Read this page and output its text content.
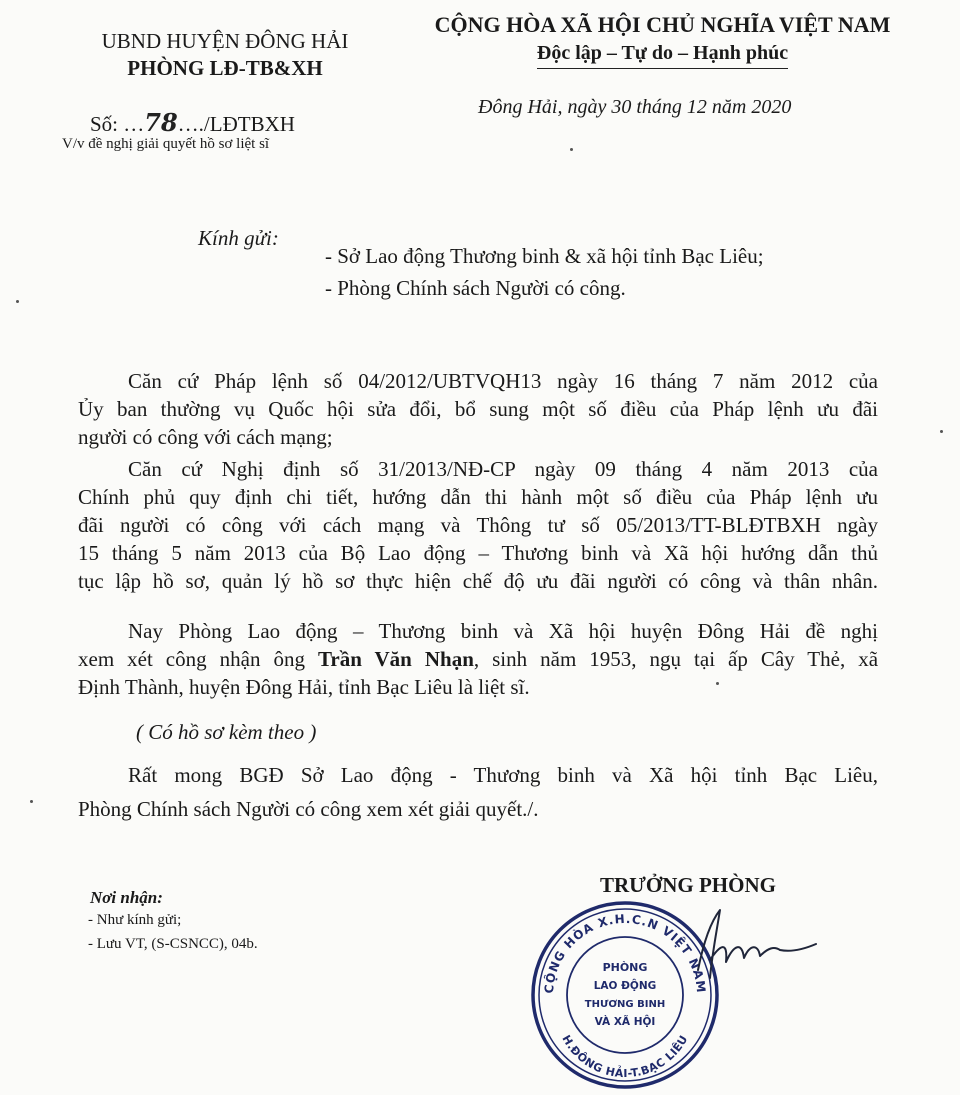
UBND HUYỆN ĐÔNG HẢI
PHÒNG LĐ-TB&XH
CỘNG HÒA XÃ HỘI CHỦ NGHĨA VIỆT NAM
Độc lập – Tự do – Hạnh phúc
Số: …78…./LĐTBXH
V/v đề nghị giải quyết hồ sơ liệt sĩ
Đông Hải, ngày 30 tháng 12 năm 2020
Kính gửi:
- Sở Lao động Thương binh & xã hội tỉnh Bạc Liêu;
- Phòng Chính sách Người có công.
Căn cứ Pháp lệnh số 04/2012/UBTVQH13 ngày 16 tháng 7 năm 2012 của
Ủy ban thường vụ Quốc hội sửa đổi, bổ sung một số điều của Pháp lệnh ưu đãi
người có công với cách mạng;
Căn cứ Nghị định số 31/2013/NĐ-CP ngày 09 tháng 4 năm 2013 của
Chính phủ quy định chi tiết, hướng dẫn thi hành một số điều của Pháp lệnh ưu
đãi người có công với cách mạng và Thông tư số 05/2013/TT-BLĐTBXH ngày
15 tháng 5 năm 2013 của Bộ Lao động – Thương binh và Xã hội hướng dẫn thủ
tục lập hồ sơ, quản lý hồ sơ thực hiện chế độ ưu đãi người có công và thân nhân.
Nay Phòng Lao động – Thương binh và Xã hội huyện Đông Hải đề nghị
xem xét công nhận ông Trần Văn Nhạn, sinh năm 1953, ngụ tại ấp Cây Thẻ, xã
Định Thành, huyện Đông Hải, tỉnh Bạc Liêu là liệt sĩ.
( Có hồ sơ kèm theo )
Rất mong BGĐ Sở Lao động - Thương binh và Xã hội tỉnh Bạc Liêu,
Phòng Chính sách Người có công xem xét giải quyết./.
Nơi nhận:
- Như kính gửi;
- Lưu VT, (S-CSNCC), 04b.
TRƯỞNG PHÒNG
CỘNG HÒA X.H.C.N VIỆT NAM
H.ĐÔNG HẢI-T.BẠC LIÊU
PHÒNG
LAO ĐỘNG
THƯƠNG BINH
VÀ XÃ HỘI
